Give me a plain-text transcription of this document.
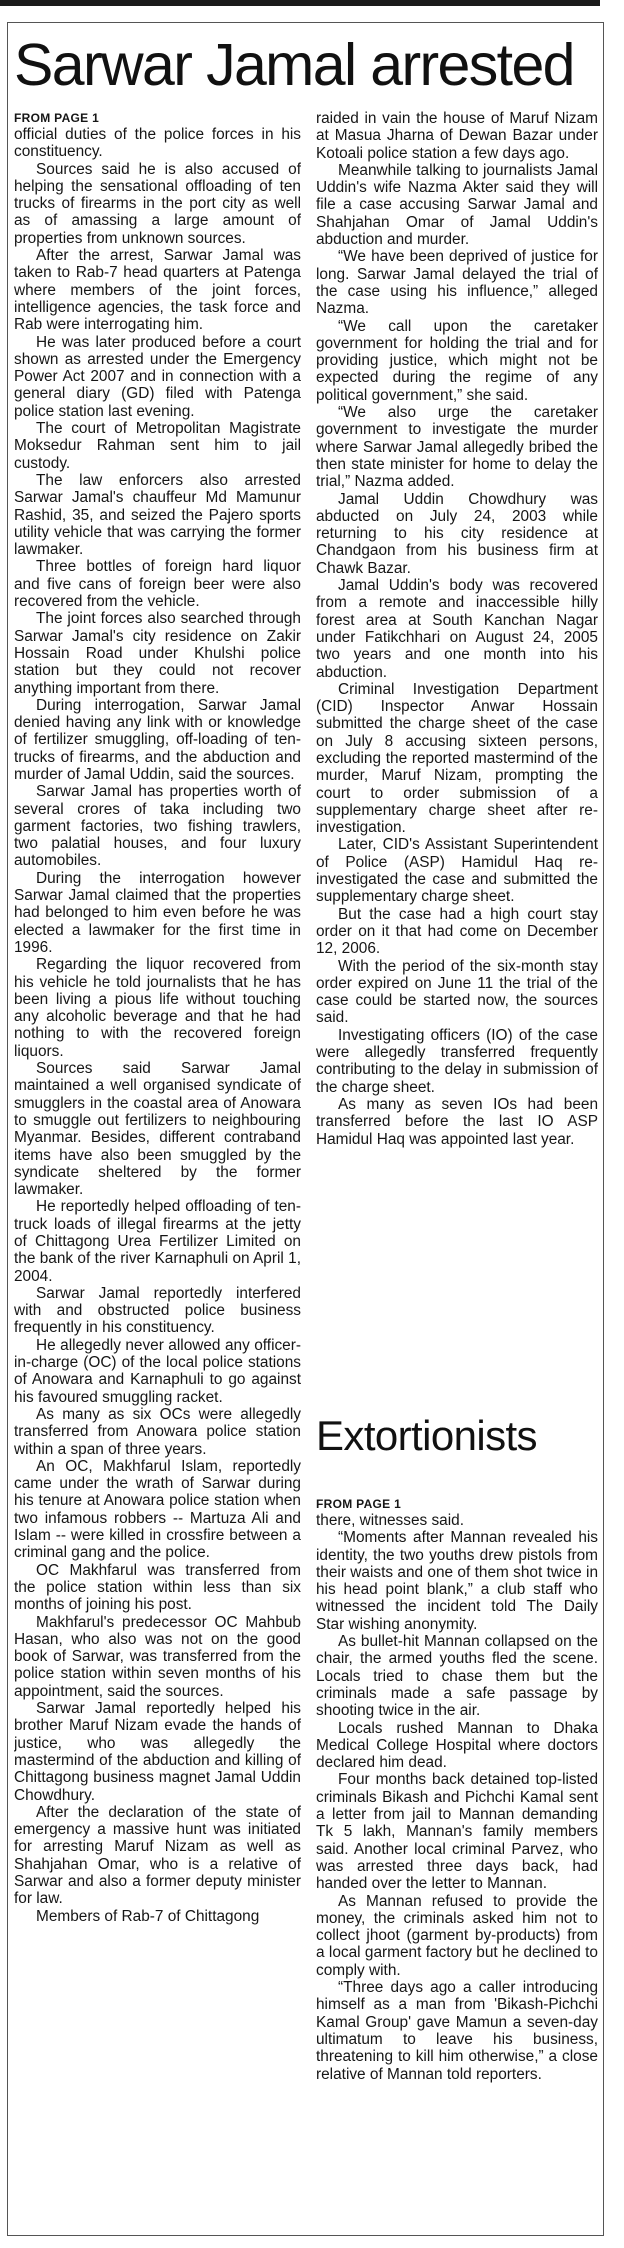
Sarwar Jamal arrested
FROM PAGE 1

official duties of the police forces in his constituency.

Sources said he is also accused of helping the sensational offloading of ten trucks of firearms in the port city as well as of amassing a large amount of properties from unknown sources.

After the arrest, Sarwar Jamal was taken to Rab-7 head quarters at Patenga where members of the joint forces, intelligence agencies, the task force and Rab were interrogating him.

He was later produced before a court shown as arrested under the Emergency Power Act 2007 and in connection with a general diary (GD) filed with Patenga police station last evening.

The court of Metropolitan Magistrate Moksedur Rahman sent him to jail custody.

The law enforcers also arrested Sarwar Jamal's chauffeur Md Mamunur Rashid, 35, and seized the Pajero sports utility vehicle that was carrying the former lawmaker.

Three bottles of foreign hard liquor and five cans of foreign beer were also recovered from the vehicle.

The joint forces also searched through Sarwar Jamal's city residence on Zakir Hossain Road under Khulshi police station but they could not recover anything important from there.

During interrogation, Sarwar Jamal denied having any link with or knowledge of fertilizer smuggling, off-loading of ten-trucks of firearms, and the abduction and murder of Jamal Uddin, said the sources.

Sarwar Jamal has properties worth of several crores of taka including two garment factories, two fishing trawlers, two palatial houses, and four luxury automobiles.

During the interrogation however Sarwar Jamal claimed that the properties had belonged to him even before he was elected a lawmaker for the first time in 1996.

Regarding the liquor recovered from his vehicle he told journalists that he has been living a pious life without touching any alcoholic beverage and that he had nothing to with the recovered foreign liquors.

Sources said Sarwar Jamal maintained a well organised syndicate of smugglers in the coastal area of Anowara to smuggle out fertilizers to neighbouring Myanmar. Besides, different contraband items have also been smuggled by the syndicate sheltered by the former lawmaker.

He reportedly helped offloading of ten-truck loads of illegal firearms at the jetty of Chittagong Urea Fertilizer Limited on the bank of the river Karnaphuli on April 1, 2004.

Sarwar Jamal reportedly interfered with and obstructed police business frequently in his constituency.

He allegedly never allowed any officer-in-charge (OC) of the local police stations of Anowara and Karnaphuli to go against his favoured smuggling racket.

As many as six OCs were allegedly transferred from Anowara police station within a span of three years.

An OC, Makhfarul Islam, reportedly came under the wrath of Sarwar during his tenure at Anowara police station when two infamous robbers -- Martuza Ali and Islam -- were killed in crossfire between a criminal gang and the police.

OC Makhfarul was transferred from the police station within less than six months of joining his post.

Makhfarul's predecessor OC Mahbub Hasan, who also was not on the good book of Sarwar, was transferred from the police station within seven months of his appointment, said the sources.

Sarwar Jamal reportedly helped his brother Maruf Nizam evade the hands of justice, who was allegedly the mastermind of the abduction and killing of Chittagong business magnet Jamal Uddin Chowdhury.

After the declaration of the state of emergency a massive hunt was initiated for arresting Maruf Nizam as well as Shahjahan Omar, who is a relative of Sarwar and also a former deputy minister for law.

Members of Rab-7 of Chittagong

raided in vain the house of Maruf Nizam at Masua Jharna of Dewan Bazar under Kotoali police station a few days ago.

Meanwhile talking to journalists Jamal Uddin's wife Nazma Akter said they will file a case accusing Sarwar Jamal and Shahjahan Omar of Jamal Uddin's abduction and murder.

“We have been deprived of justice for long. Sarwar Jamal delayed the trial of the case using his influence,” alleged Nazma.

“We call upon the caretaker government for holding the trial and for providing justice, which might not be expected during the regime of any political government,” she said.

“We also urge the caretaker government to investigate the murder where Sarwar Jamal allegedly bribed the then state minister for home to delay the trial,” Nazma added.

Jamal Uddin Chowdhury was abducted on July 24, 2003 while returning to his city residence at Chandgaon from his business firm at Chawk Bazar.

Jamal Uddin's body was recovered from a remote and inaccessible hilly forest area at South Kanchan Nagar under Fatikchhari on August 24, 2005 two years and one month into his abduction.

Criminal Investigation Department (CID) Inspector Anwar Hossain submitted the charge sheet of the case on July 8 accusing sixteen persons, excluding the reported mastermind of the murder, Maruf Nizam, prompting the court to order submission of a supplementary charge sheet after re-investigation.

Later, CID's Assistant Superintendent of Police (ASP) Hamidul Haq re-investigated the case and submitted the supplementary charge sheet.

But the case had a high court stay order on it that had come on December 12, 2006.

With the period of the six-month stay order expired on June 11 the trial of the case could be started now, the sources said.

Investigating officers (IO) of the case were allegedly transferred frequently contributing to the delay in submission of the charge sheet.

As many as seven IOs had been transferred before the last IO ASP Hamidul Haq was appointed last year.

Extortionists
FROM PAGE 1

there, witnesses said.

“Moments after Mannan revealed his identity, the two youths drew pistols from their waists and one of them shot twice in his head point blank,” a club staff who witnessed the incident told The Daily Star wishing anonymity.

As bullet-hit Mannan collapsed on the chair, the armed youths fled the scene. Locals tried to chase them but the criminals made a safe passage by shooting twice in the air.

Locals rushed Mannan to Dhaka Medical College Hospital where doctors declared him dead.

Four months back detained top-listed criminals Bikash and Pichchi Kamal sent a letter from jail to Mannan demanding Tk 5 lakh, Mannan's family members said. Another local criminal Parvez, who was arrested three days back, had handed over the letter to Mannan.

As Mannan refused to provide the money, the criminals asked him not to collect jhoot (garment by-products) from a local garment factory but he declined to comply with.

“Three days ago a caller introducing himself as a man from 'Bikash-Pichchi Kamal Group' gave Mamun a seven-day ultimatum to leave his business, threatening to kill him otherwise,” a close relative of Mannan told reporters.
